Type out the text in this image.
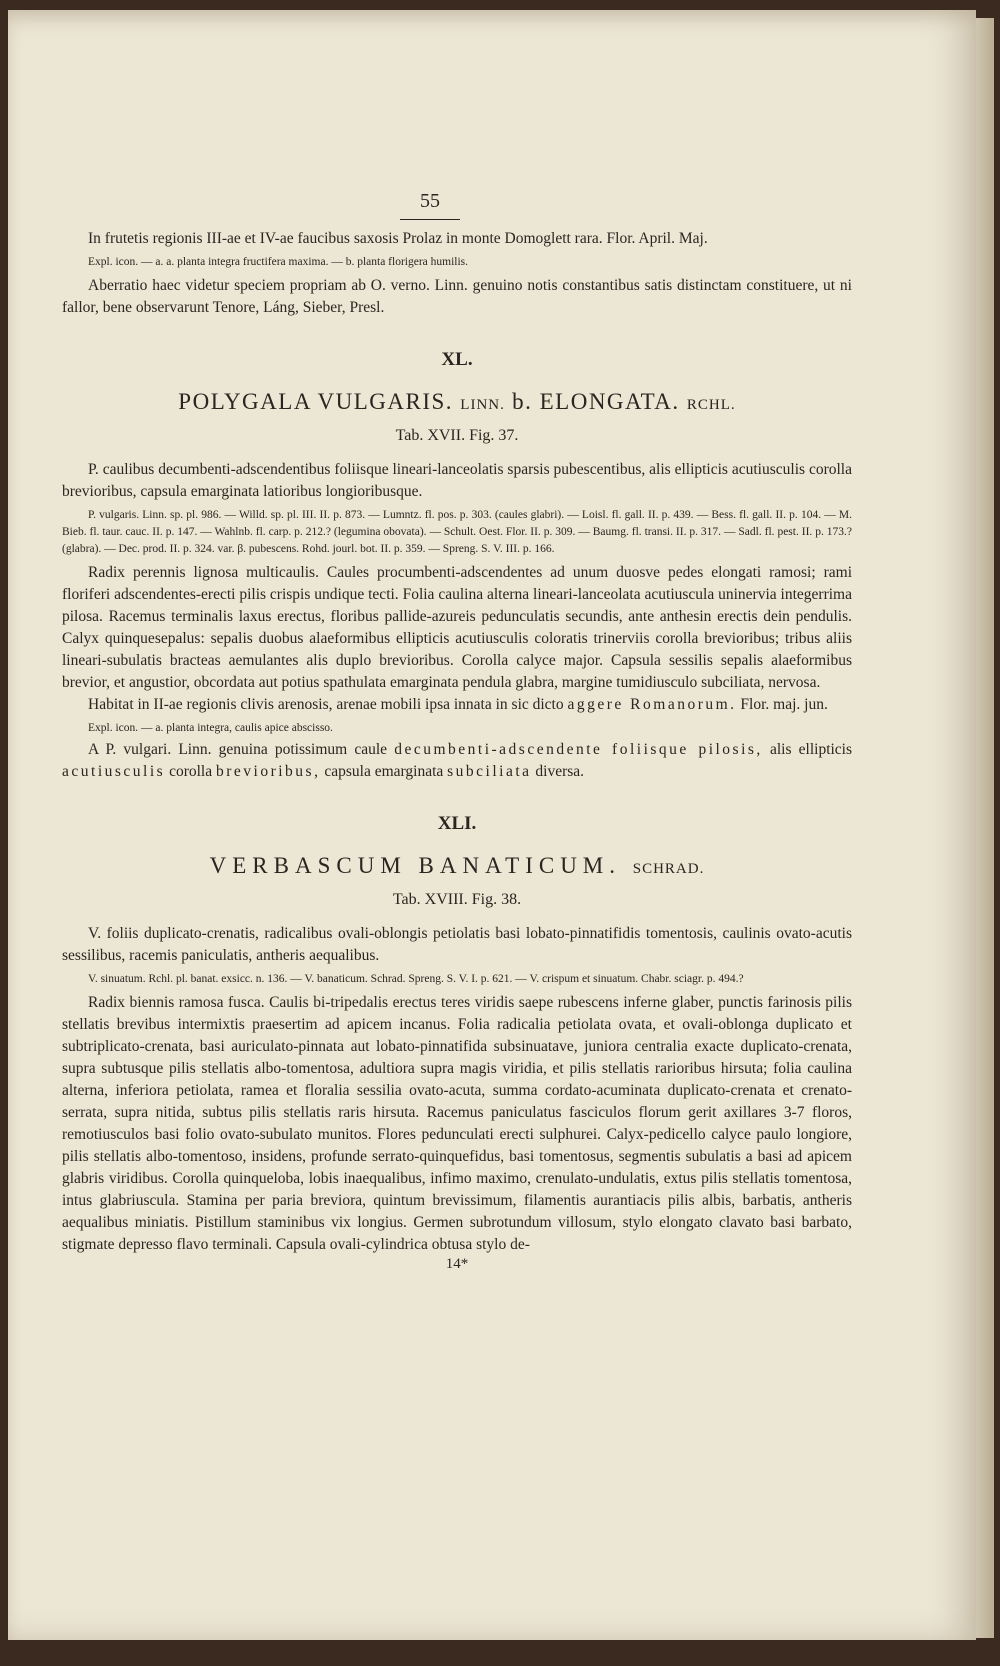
55

In frutetis regionis III-ae et IV-ae faucibus saxosis Prolaz in monte Domoglett rara. Flor. April. Maj.

Expl. icon. — a. a. planta integra fructifera maxima. — b. planta florigera humilis.

Aberratio haec videtur speciem propriam ab O. verno. Linn. genuino notis constantibus satis distinctam constituere, ut ni fallor, bene observarunt Tenore, Láng, Sieber, Presl.

XL.
POLYGALA VULGARIS. LINN. b. ELONGATA. RCHL.
Tab. XVII. Fig. 37.

P. caulibus decumbenti-adscendentibus foliisque lineari-lanceolatis sparsis pubescentibus, alis ellipticis acutiusculis corolla brevioribus, capsula emarginata latioribus longioribusque.

P. vulgaris. Linn. sp. pl. 986. — Willd. sp. pl. III. II. p. 873. — Lumntz. fl. pos. p. 303. (caules glabri). — Loisl. fl. gall. II. p. 439. — Bess. fl. gall. II. p. 104. — M. Bieb. fl. taur. cauc. II. p. 147. — Wahlnb. fl. carp. p. 212.? (legumina obovata). — Schult. Oest. Flor. II. p. 309. — Baumg. fl. transi. II. p. 317. — Sadl. fl. pest. II. p. 173.? (glabra). — Dec. prod. II. p. 324. var. β. pubescens. Rohd. jourl. bot. II. p. 359. — Spreng. S. V. III. p. 166.

Radix perennis lignosa multicaulis. Caules procumbenti-adscendentes ad unum duosve pedes elongati ramosi; rami floriferi adscendentes-erecti pilis crispis undique tecti. Folia caulina alterna lineari-lanceolata acutiuscula uninervia integerrima pilosa. Racemus terminalis laxus erectus, floribus pallide-azureis pedunculatis secundis, ante anthesin erectis dein pendulis. Calyx quinquesepalus: sepalis duobus alaeformibus ellipticis acutiusculis coloratis trinerviis corolla brevioribus; tribus aliis lineari-subulatis bracteas aemulantes alis duplo brevioribus. Corolla calyce major. Capsula sessilis sepalis alaeformibus brevior, et angustior, obcordata aut potius spathulata emarginata pendula glabra, margine tumidiusculo subciliata, nervosa.

Habitat in II-ae regionis clivis arenosis, arenae mobili ipsa innata in sic dicto aggere Romanorum. Flor. maj. jun.

Expl. icon. — a. planta integra, caulis apice abscisso.

A P. vulgari. Linn. genuina potissimum caule decumbenti-adscendente foliisque pilosis, alis ellipticis acutiusculis corolla brevioribus, capsula emarginata subciliata diversa.

XLI.
VERBASCUM BANATICUM. SCHRAD.
Tab. XVIII. Fig. 38.

V. foliis duplicato-crenatis, radicalibus ovali-oblongis petiolatis basi lobato-pinnatifidis tomentosis, caulinis ovato-acutis sessilibus, racemis paniculatis, antheris aequalibus.

V. sinuatum. Rchl. pl. banat. exsicc. n. 136. — V. banaticum. Schrad. Spreng. S. V. I. p. 621. — V. crispum et sinuatum. Chabr. sciagr. p. 494.?

Radix biennis ramosa fusca. Caulis bi-tripedalis erectus teres viridis saepe rubescens inferne glaber, punctis farinosis pilis stellatis brevibus intermixtis praesertim ad apicem incanus. Folia radicalia petiolata ovata, et ovali-oblonga duplicato et subtriplicato-crenata, basi auriculato-pinnata aut lobato-pinnatifida subsinuatave, juniora centralia exacte duplicato-crenata, supra subtusque pilis stellatis albo-tomentosa, adultiora supra magis viridia, et pilis stellatis rarioribus hirsuta; folia caulina alterna, inferiora petiolata, ramea et floralia sessilia ovato-acuta, summa cordato-acuminata duplicato-crenata et crenato-serrata, supra nitida, subtus pilis stellatis raris hirsuta. Racemus paniculatus fasciculos florum gerit axillares 3-7 floros, remotiusculos basi folio ovato-subulato munitos. Flores pedunculati erecti sulphurei. Calyx-pedicello calyce paulo longiore, pilis stellatis albo-tomentoso, insidens, profunde serrato-quinquefidus, basi tomentosus, segmentis subulatis a basi ad apicem glabris viridibus. Corolla quinqueloba, lobis inaequalibus, infimo maximo, crenulato-undulatis, extus pilis stellatis tomentosa, intus glabriuscula. Stamina per paria breviora, quintum brevissimum, filamentis aurantiacis pilis albis, barbatis, antheris aequalibus miniatis. Pistillum staminibus vix longius. Germen subrotundum villosum, stylo elongato clavato basi barbato, stigmate depresso flavo terminali. Capsula ovali-cylindrica obtusa stylo de-

14*
